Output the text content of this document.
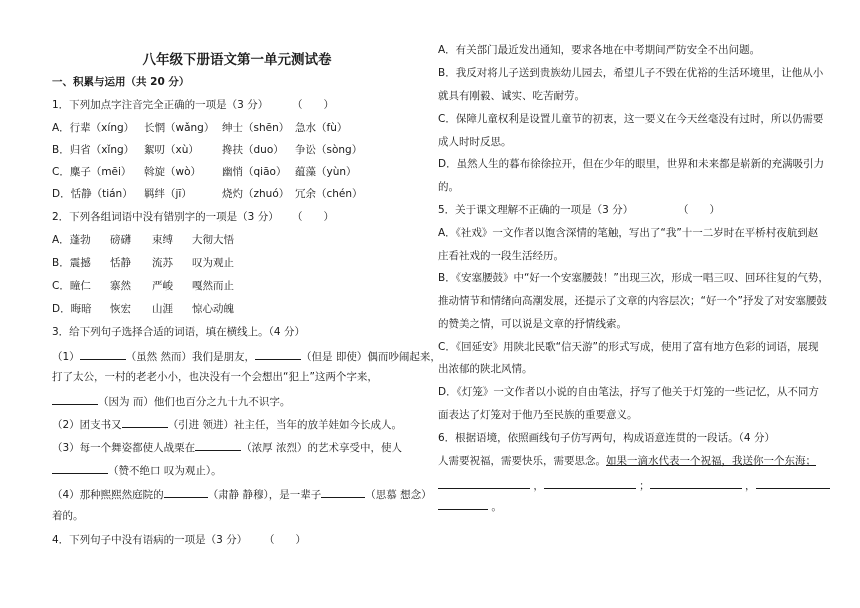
八年级下册语文第一单元测试卷
一、积累与运用（共 20 分）
1．下列加点字注音完全正确的一项是（3 分） （　　）
A．行辈（xíng） 长惘（wǎng） 绅士（shēn） 急水（fù）
B．归省（xǐng） 絮叨（xù） 搀扶（duo） 争讼（sòng）
C．麋子（mēi） 斡旋（wò） 幽悄（qiāo） 蕴藻（yùn）
D．恬静（tián） 羁绊（jī）	烧灼（zhuó） 冗余（chén）
2．下列各组词语中没有错别字的一项是（3 分） （　　）
A．蓬勃 磅礴 束缚 大彻大悟
B．震撼 恬静 流苏 叹为观止
C．瞳仁 寨然 严峻 嘎然而止
D．晦暗 恢宏 山涯 惊心动魄
3．给下列句子选择合适的词语，填在横线上。（4 分）
（1）	（虽然 然而）我们是朋友，	（但是 即使）偶而吵闹起来，
打了太公，一村的老老小小，也决没有一个会想出“犯上”这两个字来，
（因为 而）他们也百分之九十九不识字。
（2）团支书又	（引进 领进）社主任，当年的放羊娃如今长成人。
（3）每一个舞姿都使人战栗在	（浓厚 浓烈）的艺术享受中，使人
（赞不绝口 叹为观止）。
（4）那种熙熙然庭院的	（肃静 静穆），是一辈子	（思慕 想念）
着的。
4．下列句子中没有语病的一项是（3 分） （　　）
A．有关部门最近发出通知，要求各地在中考期间严防安全不出问题。
B．我反对将儿子送到贵族幼儿园去，希望儿子不毁在优裕的生活环境里，让他从小
就具有刚毅、诚实、吃苦耐劳。
C．保障儿童权利是设置儿童节的初衷，这一要义在今天丝毫没有过时，所以仍需要
成人时时反思。
D．虽然人生的暮布徐徐拉开，但在少年的眼里，世界和未来都是崭新的充满吸引力
的。
5．关于课文理解不正确的一项是（3 分）	（　　）
A．《社戏》一文作者以饱含深情的笔触，写出了“我”十一二岁时在平桥村夜航到赵
庄看社戏的一段生活经历。
B．《安塞腰鼓》中“好一个安塞腰鼓！”出现三次，形成一唱三叹、回环往复的气势，
推动情节和情绪向高潮发展，还提示了文章的内容层次；“好一个”抒发了对安塞腰鼓
的赞美之情，可以说是文章的抒情线索。
C．《回延安》用陕北民歌“信天游”的形式写成，使用了富有地方色彩的词语，展现
出浓郁的陕北风情。
D．《灯笼》一文作者以小说的自由笔法，抒写了他关于灯笼的一些记忆，从不同方
面表达了灯笼对于他乃至民族的重要意义。
6．根据语境，依照画线句子仿写两句，构成语意连贯的一段话。（4 分）
人需要祝福，需要快乐，需要思念。如果一滴水代表一个祝福，我送你一个东海；
，	；	，
。
